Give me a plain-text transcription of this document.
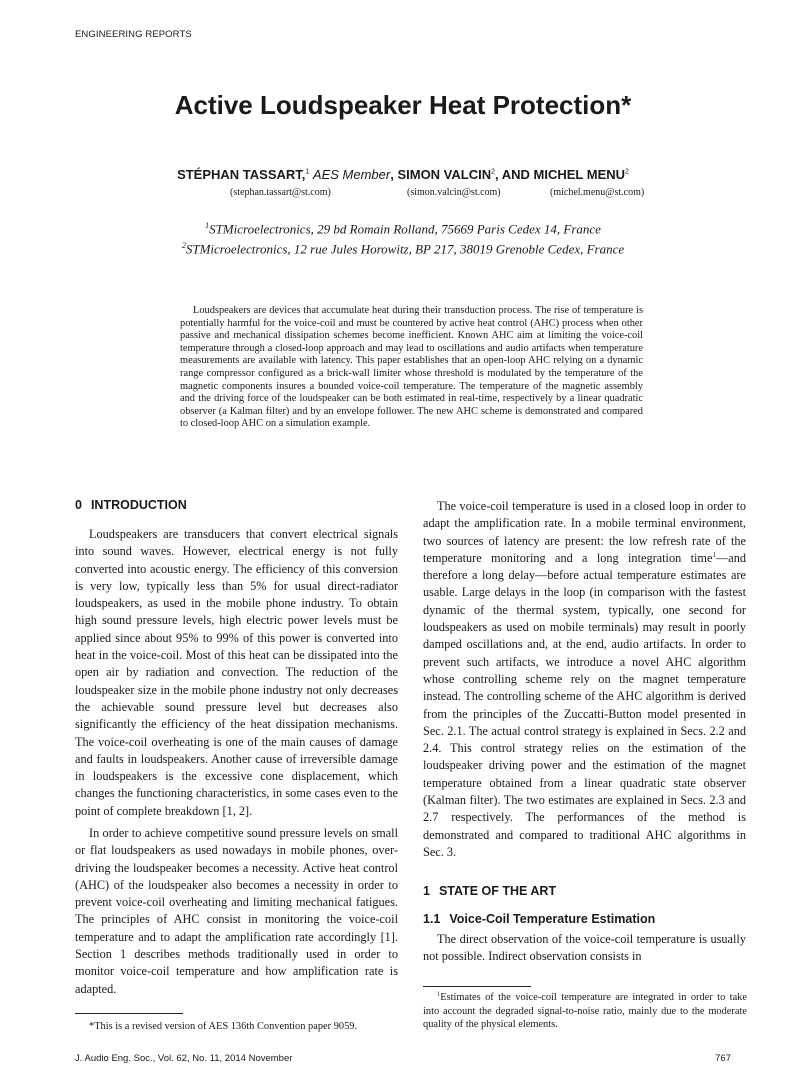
ENGINEERING REPORTS
Active Loudspeaker Heat Protection*
STÉPHAN TASSART,$^1$ AES Member, SIMON VALCIN$^2$, AND MICHEL MENU$^2$
(stephan.tassart@st.com)	(simon.valcin@st.com)	(michel.menu@st.com)
$^1$STMicroelectronics, 29 bd Romain Rolland, 75669 Paris Cedex 14, France
$^2$STMicroelectronics, 12 rue Jules Horowitz, BP 217, 38019 Grenoble Cedex, France
Loudspeakers are devices that accumulate heat during their transduction process. The rise of temperature is potentially harmful for the voice-coil and must be countered by active heat control (AHC) process when other passive and mechanical dissipation schemes become inefficient. Known AHC aim at limiting the voice-coil temperature through a closed-loop approach and may lead to oscillations and audio artifacts when temperature measurements are available with latency. This paper establishes that an open-loop AHC relying on a dynamic range compressor configured as a brick-wall limiter whose threshold is modulated by the temperature of the magnetic components insures a bounded voice-coil temperature. The temperature of the magnetic assembly and the driving force of the loudspeaker can be both estimated in real-time, respectively by a linear quadratic observer (a Kalman filter) and by an envelope follower. The new AHC scheme is demonstrated and compared to closed-loop AHC on a simulation example.
0 INTRODUCTION
Loudspeakers are transducers that convert electrical signals into sound waves. However, electrical energy is not fully converted into acoustic energy. The efficiency of this conversion is very low, typically less than 5% for usual direct-radiator loudspeakers, as used in the mobile phone industry. To obtain high sound pressure levels, high electric power levels must be applied since about 95% to 99% of this power is converted into heat in the voice-coil. Most of this heat can be dissipated into the open air by radiation and convection. The reduction of the loudspeaker size in the mobile phone industry not only decreases the achievable sound pressure level but decreases also significantly the efficiency of the heat dissipation mechanisms. The voice-coil overheating is one of the main causes of damage and faults in loudspeakers. Another cause of irreversible damage in loudspeakers is the excessive cone displacement, which changes the functioning characteristics, in some cases even to the point of complete breakdown [1, 2].
In order to achieve competitive sound pressure levels on small or flat loudspeakers as used nowadays in mobile phones, over-driving the loudspeaker becomes a necessity. Active heat control (AHC) of the loudspeaker also becomes a necessity in order to prevent voice-coil overheating and limiting mechanical fatigues. The principles of AHC consist in monitoring the voice-coil temperature and to adapt the amplification rate accordingly [1]. Section 1 describes methods traditionally used in order to monitor voice-coil temperature and how amplification rate is adapted.
*This is a revised version of AES 136th Convention paper 9059.
The voice-coil temperature is used in a closed loop in order to adapt the amplification rate. In a mobile terminal environment, two sources of latency are present: the low refresh rate of the temperature monitoring and a long integration time$^1$—and therefore a long delay—before actual temperature estimates are usable. Large delays in the loop (in comparison with the fastest dynamic of the thermal system, typically, one second for loudspeakers as used on mobile terminals) may result in poorly damped oscillations and, at the end, audio artifacts. In order to prevent such artifacts, we introduce a novel AHC algorithm whose controlling scheme rely on the magnet temperature instead. The controlling scheme of the AHC algorithm is derived from the principles of the Zuccatti-Button model presented in Sec. 2.1. The actual control strategy is explained in Secs. 2.2 and 2.4. This control strategy relies on the estimation of the loudspeaker driving power and the estimation of the magnet temperature obtained from a linear quadratic state observer (Kalman filter). The two estimates are explained in Secs. 2.3 and 2.7 respectively. The performances of the method is demonstrated and compared to traditional AHC algorithms in Sec. 3.
1 STATE OF THE ART
1.1 Voice-Coil Temperature Estimation
The direct observation of the voice-coil temperature is usually not possible. Indirect observation consists in
$^1$Estimates of the voice-coil temperature are integrated in order to take into account the degraded signal-to-noise ratio, mainly due to the moderate quality of the physical elements.
J. Audio Eng. Soc., Vol. 62, No. 11, 2014 November	767
